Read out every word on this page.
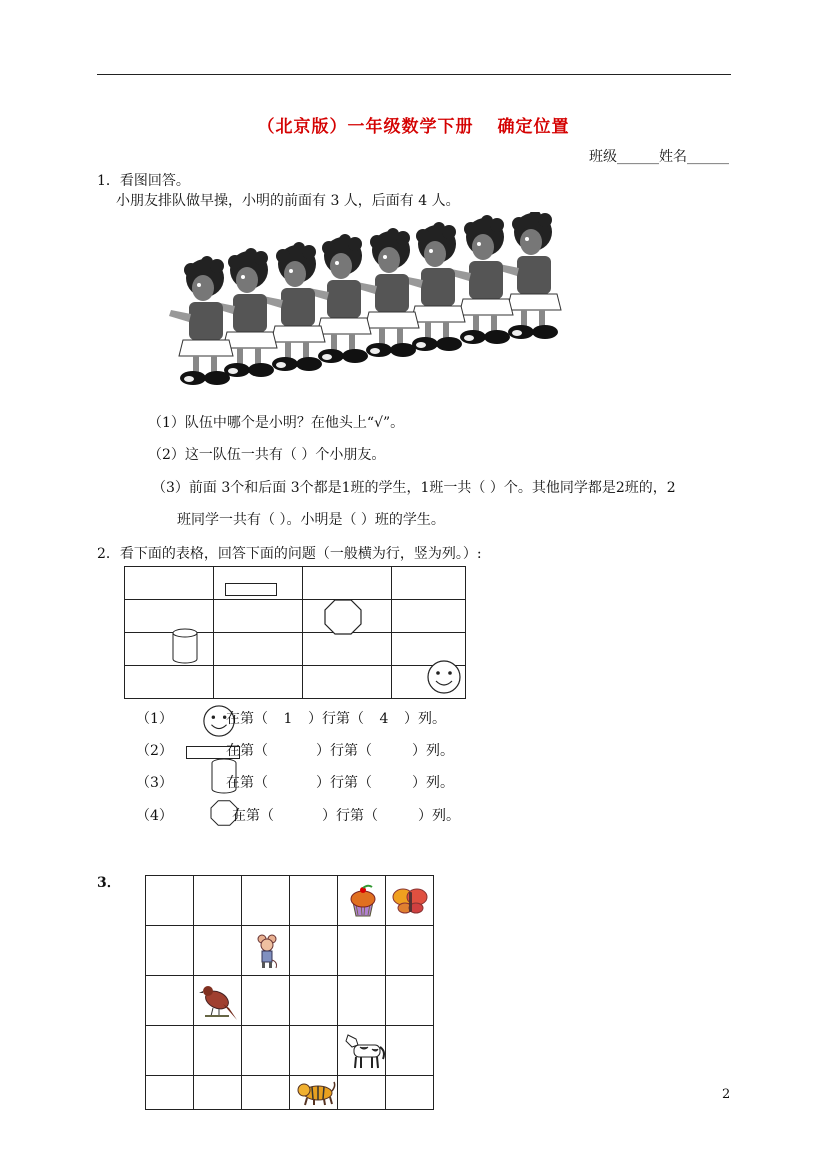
（北京版）一年级数学下册 确定位置
班级______姓名______
1．看图回答。
小朋友排队做早操，小明的前面有 3 人，后面有 4 人。
（1）队伍中哪个是小明？在他头上“√”。
（2）这一队伍一共有（ ）个小朋友。
（3）前面 3个和后面 3个都是1班的学生，1班一共（ ）个。其他同学都是2班的，2
班同学一共有（ ）。小明是（ ）班的学生。
2．看下面的表格，回答下面的问题（一般横为行，竖为列。）:

（1）	在第（ 1 ）行第（ 4 ）列。
（2）	在第（	）行第（	）列。
（3）	在第（	）行第（	）列。
（4）	在第（	）行第（	）列。
3．

2
